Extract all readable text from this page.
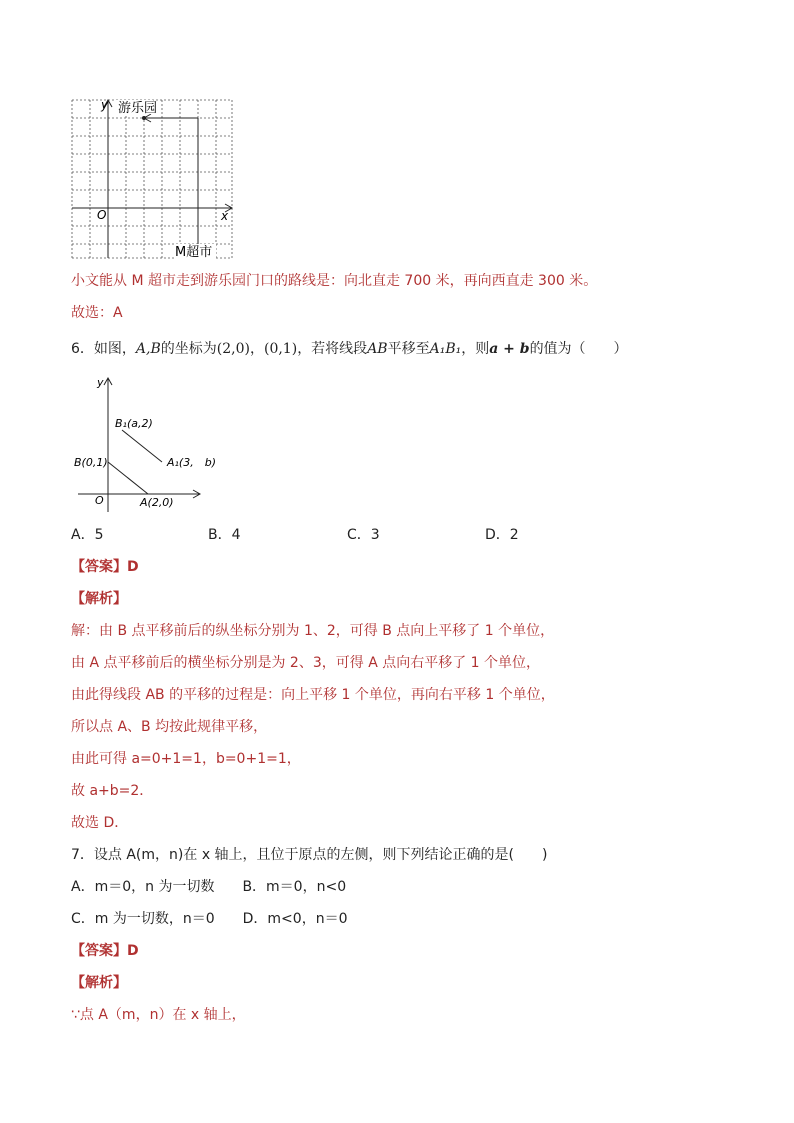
y 游乐园
O	x
M超市
小文能从 M 超市走到游乐园门口的路线是：向北直走 700 米，再向西直走 300 米。
故选：A
6．如图，A,B的坐标为(2,0)，(0,1)，若将线段AB平移至A₁B₁，则a + b的值为（　　）
y
O
B₁(a,2)
A₁(3,　b)
B(0,1)
A(2,0)
A．5	B．4	C．3	D．2
【答案】D
【解析】
解：由 B 点平移前后的纵坐标分别为 1、2，可得 B 点向上平移了 1 个单位，
由 A 点平移前后的横坐标分别是为 2、3，可得 A 点向右平移了 1 个单位，
由此得线段 AB 的平移的过程是：向上平移 1 个单位，再向右平移 1 个单位，
所以点 A、B 均按此规律平移，
由此可得 a=0+1=1，b=0+1=1，
故 a+b=2．
故选 D．
7．设点 A(m，n)在 x 轴上，且位于原点的左侧，则下列结论正确的是(　　)
A．m＝0，n 为一切数　　B．m＝0，n<0
C．m 为一切数，n＝0　　D．m<0，n＝0
【答案】D
【解析】
∵点 A（m，n）在 x 轴上，
